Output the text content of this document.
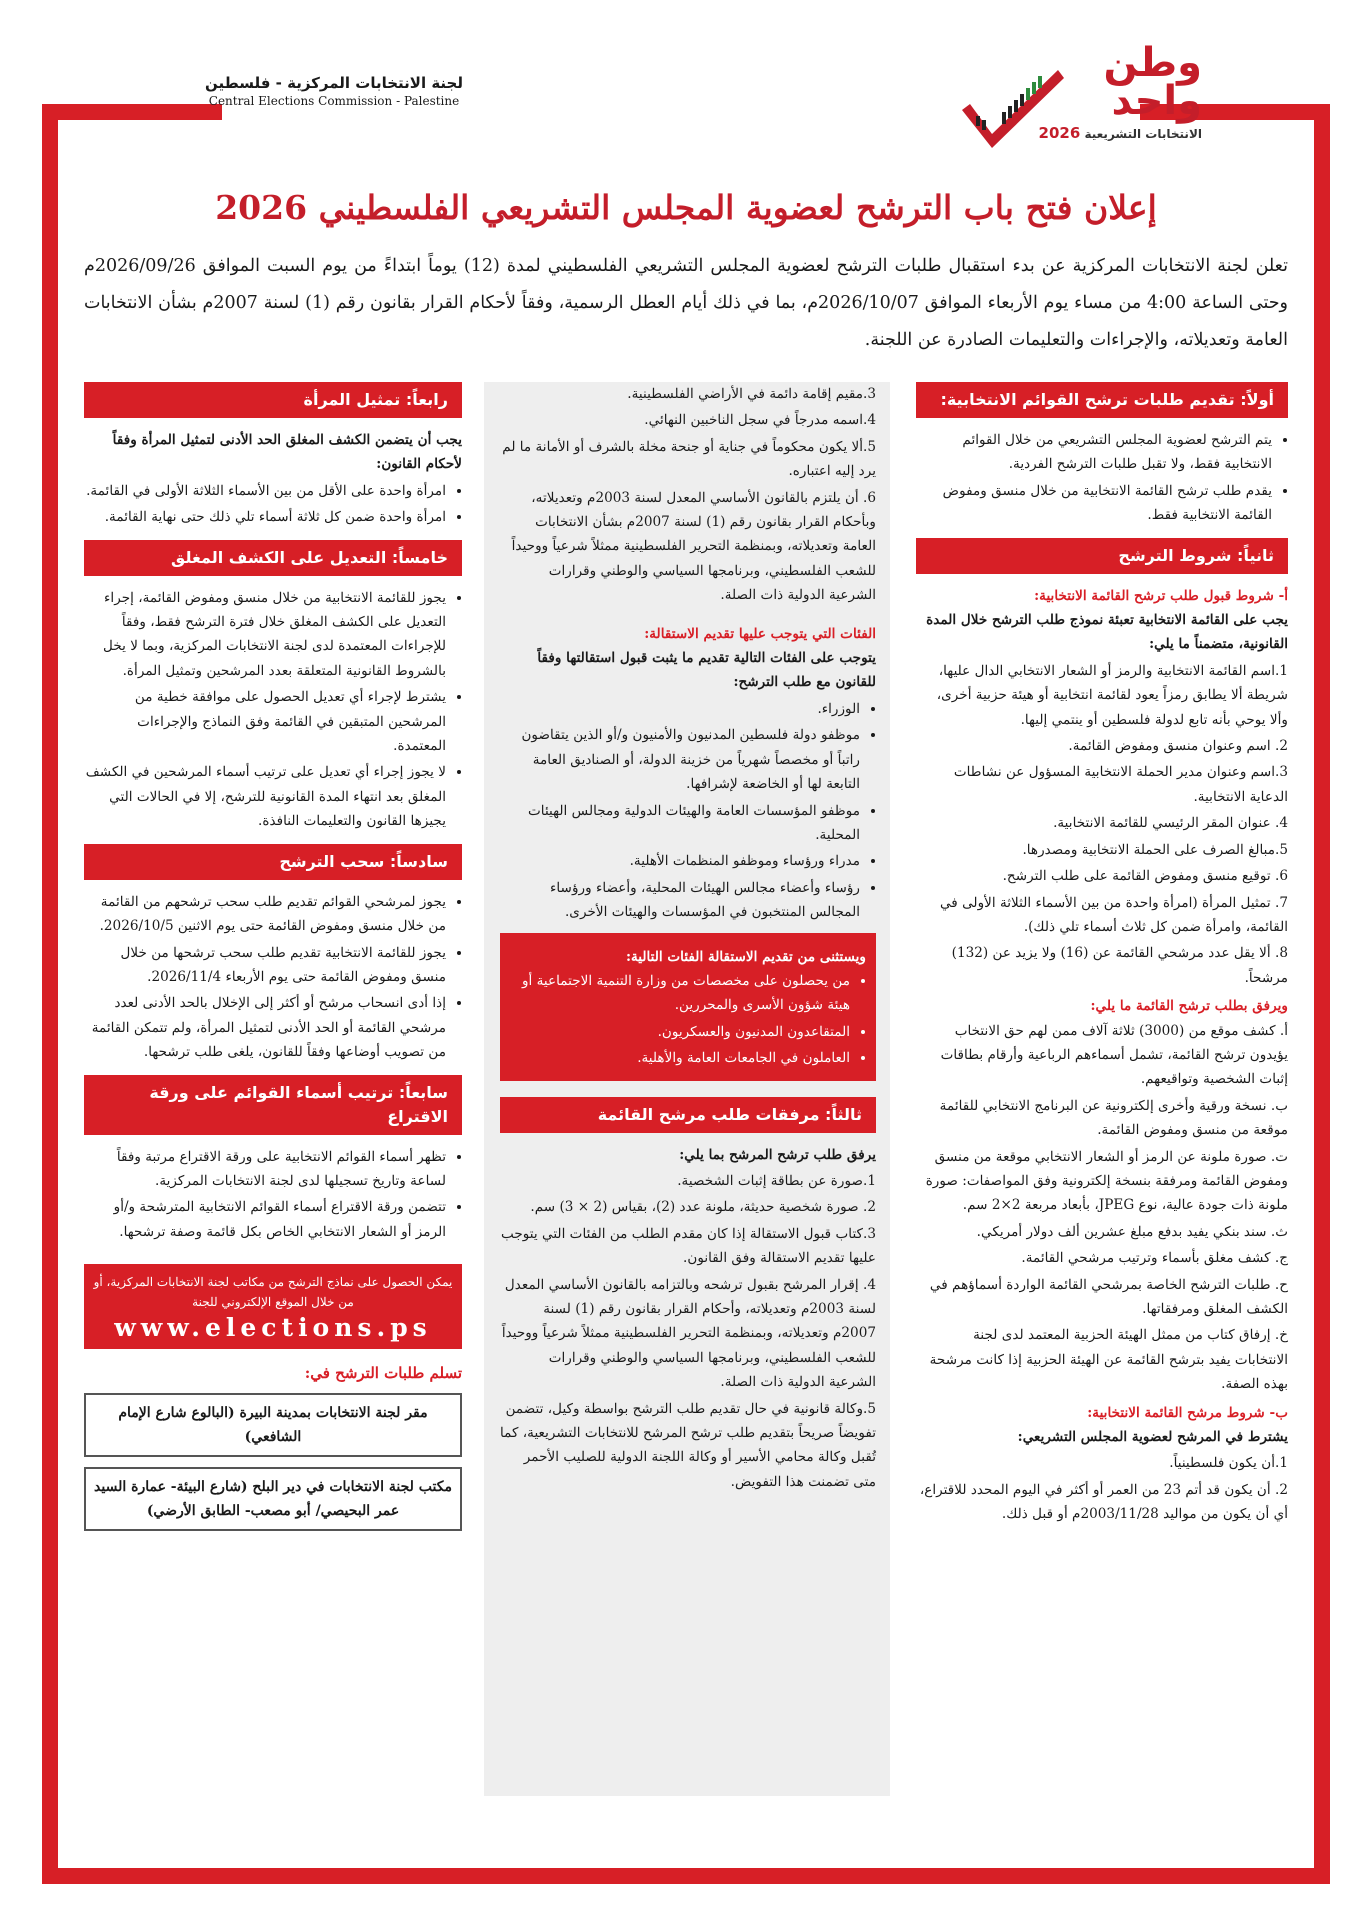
لجنة الانتخابات المركزية - فلسطين
Central Elections Commission - Palestine
وطن
واحد
الانتخابات التشريعية 2026
إعلان فتح باب الترشح لعضوية المجلس التشريعي الفلسطيني 2026
تعلن لجنة الانتخابات المركزية عن بدء استقبال طلبات الترشح لعضوية المجلس التشريعي الفلسطيني لمدة (12) يوماً ابتداءً من يوم السبت الموافق 2026/09/26م وحتى الساعة 4:00 من مساء يوم الأربعاء الموافق 2026/10/07م، بما في ذلك أيام العطل الرسمية، وفقاً لأحكام القرار بقانون رقم (1) لسنة 2007م بشأن الانتخابات العامة وتعديلاته، والإجراءات والتعليمات الصادرة عن اللجنة.
أولاً: تقديم طلبات ترشح القوائم الانتخابية:
• يتم الترشح لعضوية المجلس التشريعي من خلال القوائم الانتخابية فقط، ولا تقبل طلبات الترشح الفردية.
• يقدم طلب ترشح القائمة الانتخابية من خلال منسق ومفوض القائمة الانتخابية فقط.
ثانياً: شروط الترشح
أ- شروط قبول طلب ترشح القائمة الانتخابية:

يجب على القائمة الانتخابية تعبئة نموذج طلب الترشح خلال المدة القانونية، متضمناً ما يلي:

1.اسم القائمة الانتخابية والرمز أو الشعار الانتخابي الدال عليها، شريطة ألا يطابق رمزاً يعود لقائمة انتخابية أو هيئة حزبية أخرى، وألا يوحي بأنه تابع لدولة فلسطين أو ينتمي إليها.

2. اسم وعنوان منسق ومفوض القائمة.

3.اسم وعنوان مدير الحملة الانتخابية المسؤول عن نشاطات الدعاية الانتخابية.

4. عنوان المقر الرئيسي للقائمة الانتخابية.

5.مبالغ الصرف على الحملة الانتخابية ومصدرها.

6. توقيع منسق ومفوض القائمة على طلب الترشح.

7. تمثيل المرأة (امرأة واحدة من بين الأسماء الثلاثة الأولى في القائمة، وامرأة ضمن كل ثلاث أسماء تلي ذلك).

8. ألا يقل عدد مرشحي القائمة عن (16) ولا يزيد عن (132) مرشحاً.

ويرفق بطلب ترشح القائمة ما يلي:

أ. كشف موقع من (3000) ثلاثة آلاف ممن لهم حق الانتخاب يؤيدون ترشح القائمة، تشمل أسماءهم الرباعية وأرقام بطاقات إثبات الشخصية وتواقيعهم.

ب. نسخة ورقية وأخرى إلكترونية عن البرنامج الانتخابي للقائمة موقعة من منسق ومفوض القائمة.

ت. صورة ملونة عن الرمز أو الشعار الانتخابي موقعة من منسق ومفوض القائمة ومرفقة بنسخة إلكترونية وفق المواصفات: صورة ملونة ذات جودة عالية، نوع JPEG، بأبعاد مربعة 2×2 سم.

ث. سند بنكي يفيد بدفع مبلغ عشرين ألف دولار أمريكي.

ج. كشف مغلق بأسماء وترتيب مرشحي القائمة.

ح. طلبات الترشح الخاصة بمرشحي القائمة الواردة أسماؤهم في الكشف المغلق ومرفقاتها.

خ. إرفاق كتاب من ممثل الهيئة الحزبية المعتمد لدى لجنة الانتخابات يفيد بترشح القائمة عن الهيئة الحزبية إذا كانت مرشحة بهذه الصفة.

ب- شروط مرشح القائمة الانتخابية:

يشترط في المرشح لعضوية المجلس التشريعي:

1.أن يكون فلسطينياً.

2. أن يكون قد أتم 23 من العمر أو أكثر في اليوم المحدد للاقتراع، أي أن يكون من مواليد 2003/11/28م أو قبل ذلك.

3.مقيم إقامة دائمة في الأراضي الفلسطينية.

4.اسمه مدرجاً في سجل الناخبين النهائي.

5.ألا يكون محكوماً في جناية أو جنحة مخلة بالشرف أو الأمانة ما لم يرد إليه اعتباره.

6. أن يلتزم بالقانون الأساسي المعدل لسنة 2003م وتعديلاته، وبأحكام القرار بقانون رقم (1) لسنة 2007م بشأن الانتخابات العامة وتعديلاته، وبمنظمة التحرير الفلسطينية ممثلاً شرعياً ووحيداً للشعب الفلسطيني، وبرنامجها السياسي والوطني وقرارات الشرعية الدولية ذات الصلة.

الفئات التي يتوجب عليها تقديم الاستقالة:

يتوجب على الفئات التالية تقديم ما يثبت قبول استقالتها وفقاً للقانون مع طلب الترشح:

• الوزراء.
• موظفو دولة فلسطين المدنيون والأمنيون و/أو الذين يتقاضون راتباً أو مخصصاً شهرياً من خزينة الدولة، أو الصناديق العامة التابعة لها أو الخاضعة لإشرافها.
• موظفو المؤسسات العامة والهيئات الدولية ومجالس الهيئات المحلية.
• مدراء ورؤساء وموظفو المنظمات الأهلية.
• رؤساء وأعضاء مجالس الهيئات المحلية، وأعضاء ورؤساء المجالس المنتخبون في المؤسسات والهيئات الأخرى.
ويستثنى من تقديم الاستقالة الفئات التالية:
• من يحصلون على مخصصات من وزارة التنمية الاجتماعية أو هيئة شؤون الأسرى والمحررين.
• المتقاعدون المدنيون والعسكريون.
• العاملون في الجامعات العامة والأهلية.
ثالثاً: مرفقات طلب مرشح القائمة

يرفق طلب ترشح المرشح بما يلي:

1.صورة عن بطاقة إثبات الشخصية.

2. صورة شخصية حديثة، ملونة عدد (2)، بقياس (2 × 3) سم.

3.كتاب قبول الاستقالة إذا كان مقدم الطلب من الفئات التي يتوجب عليها تقديم الاستقالة وفق القانون.

4. إقرار المرشح بقبول ترشحه وبالتزامه بالقانون الأساسي المعدل لسنة 2003م وتعديلاته، وأحكام القرار بقانون رقم (1) لسنة 2007م وتعديلاته، وبمنظمة التحرير الفلسطينية ممثلاً شرعياً ووحيداً للشعب الفلسطيني، وبرنامجها السياسي والوطني وقرارات الشرعية الدولية ذات الصلة.

5.وكالة قانونية في حال تقديم طلب الترشح بواسطة وكيل، تتضمن تفويضاً صريحاً بتقديم طلب ترشح المرشح للانتخابات التشريعية، كما تُقبل وكالة محامي الأسير أو وكالة اللجنة الدولية للصليب الأحمر متى تضمنت هذا التفويض.

رابعاً: تمثيل المرأة

يجب أن يتضمن الكشف المغلق الحد الأدنى لتمثيل المرأة وفقاً لأحكام القانون:

• امرأة واحدة على الأقل من بين الأسماء الثلاثة الأولى في القائمة.
• امرأة واحدة ضمن كل ثلاثة أسماء تلي ذلك حتى نهاية القائمة.
خامساً: التعديل على الكشف المغلق
• يجوز للقائمة الانتخابية من خلال منسق ومفوض القائمة، إجراء التعديل على الكشف المغلق خلال فترة الترشح فقط، وفقاً للإجراءات المعتمدة لدى لجنة الانتخابات المركزية، وبما لا يخل بالشروط القانونية المتعلقة بعدد المرشحين وتمثيل المرأة.
• يشترط لإجراء أي تعديل الحصول على موافقة خطية من المرشحين المتبقين في القائمة وفق النماذج والإجراءات المعتمدة.
• لا يجوز إجراء أي تعديل على ترتيب أسماء المرشحين في الكشف المغلق بعد انتهاء المدة القانونية للترشح، إلا في الحالات التي يجيزها القانون والتعليمات النافذة.
سادساً: سحب الترشح
• يجوز لمرشحي القوائم تقديم طلب سحب ترشحهم من القائمة من خلال منسق ومفوض القائمة حتى يوم الاثنين 2026/10/5.
• يجوز للقائمة الانتخابية تقديم طلب سحب ترشحها من خلال منسق ومفوض القائمة حتى يوم الأربعاء 2026/11/4.
• إذا أدى انسحاب مرشح أو أكثر إلى الإخلال بالحد الأدنى لعدد مرشحي القائمة أو الحد الأدنى لتمثيل المرأة، ولم تتمكن القائمة من تصويب أوضاعها وفقاً للقانون، يلغى طلب ترشحها.
سابعاً: ترتيب أسماء القوائم على ورقة الاقتراع
• تظهر أسماء القوائم الانتخابية على ورقة الاقتراع مرتبة وفقاً لساعة وتاريخ تسجيلها لدى لجنة الانتخابات المركزية.
• تتضمن ورقة الاقتراع أسماء القوائم الانتخابية المترشحة و/أو الرمز أو الشعار الانتخابي الخاص بكل قائمة وصفة ترشحها.
يمكن الحصول على نماذج الترشح من مكاتب لجنة الانتخابات المركزية، أو من خلال الموقع الإلكتروني للجنة
www.elections.ps
تسلم طلبات الترشح في:
مقر لجنة الانتخابات بمدينة البيرة (البالوع شارع الإمام الشافعي)
مكتب لجنة الانتخابات في دير البلح (شارع البيئة- عمارة السيد عمر البحيصي/ أبو مصعب- الطابق الأرضي)
